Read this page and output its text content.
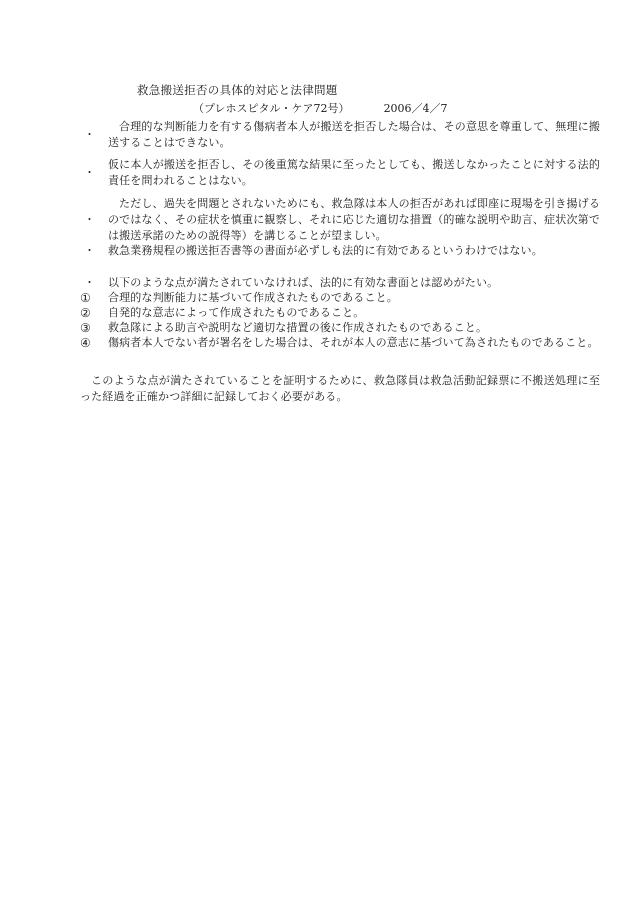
救急搬送拒否の具体的対応と法律問題
（プレホスピタル・ケア72号）	2006／4／7
・
合理的な判断能力を有する傷病者本人が搬送を拒否した場合は、その意思を尊重して、無理に搬送することはできない。
・
仮に本人が搬送を拒否し、その後重篤な結果に至ったとしても、搬送しなかったことに対する法的責任を問われることはない。
・
ただし、過失を問題とされないためにも、救急隊は本人の拒否があれば即座に現場を引き揚げるのではなく、その症状を慎重に観察し、それに応じた適切な措置（的確な説明や助言、症状次第では搬送承諾のための説得等）を講じることが望ましい。
・	救急業務規程の搬送拒否書等の書面が必ずしも法的に有効であるというわけではない。
・	以下のような点が満たされていなければ、法的に有効な書面とは認めがたい。
①	合理的な判断能力に基づいて作成されたものであること。
②	自発的な意志によって作成されたものであること。
③	救急隊による助言や説明など適切な措置の後に作成されたものであること。
④	傷病者本人でない者が署名をした場合は、それが本人の意志に基づいて為されたものであること。
このような点が満たされていることを証明するために、救急隊員は救急活動記録票に不搬送処理に至った経過を正確かつ詳細に記録しておく必要がある。
